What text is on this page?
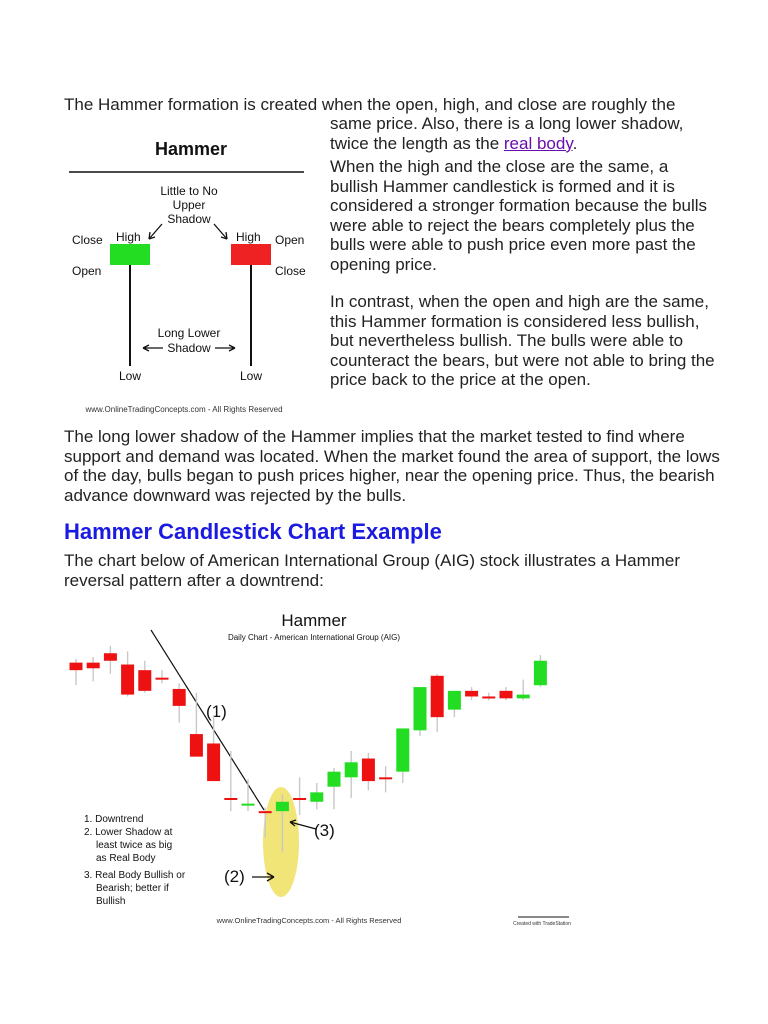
The Hammer formation is created when the open, high, and close are roughly the

same price. Also, there is a long lower shadow, twice the length as the real body.

When the high and the close are the same, a bullish Hammer candlestick is formed and it is considered a stronger formation because the bulls were able to reject the bears completely plus the bulls were able to push price even more past the opening price.

In contrast, when the open and high are the same, this Hammer formation is considered less bullish, but nevertheless bullish. The bulls were able to counteract the bears, but were not able to bring the price back to the price at the open.

Hammer
Little to No
Upper
Shadow
Close High
Open
Low
High Open
Close
Low
Long Lower
Shadow
www.OnlineTradingConcepts.com - All Rights Reserved

The long lower shadow of the Hammer implies that the market tested to find where support and demand was located. When the market found the area of support, the lows of the day, bulls began to push prices higher, near the opening price. Thus, the bearish advance downward was rejected by the bulls.

Hammer Candlestick Chart Example

The chart below of American International Group (AIG) stock illustrates a Hammer reversal pattern after a downtrend:

Hammer
Daily Chart - American International Group (AIG)
(1)
(2)
(3)
1. Downtrend
2. Lower Shadow at
least twice as big
as Real Body
3. Real Body Bullish or
Bearish; better if
Bullish
www.OnlineTradingConcepts.com - All Rights Reserved	Created with TradeStation
